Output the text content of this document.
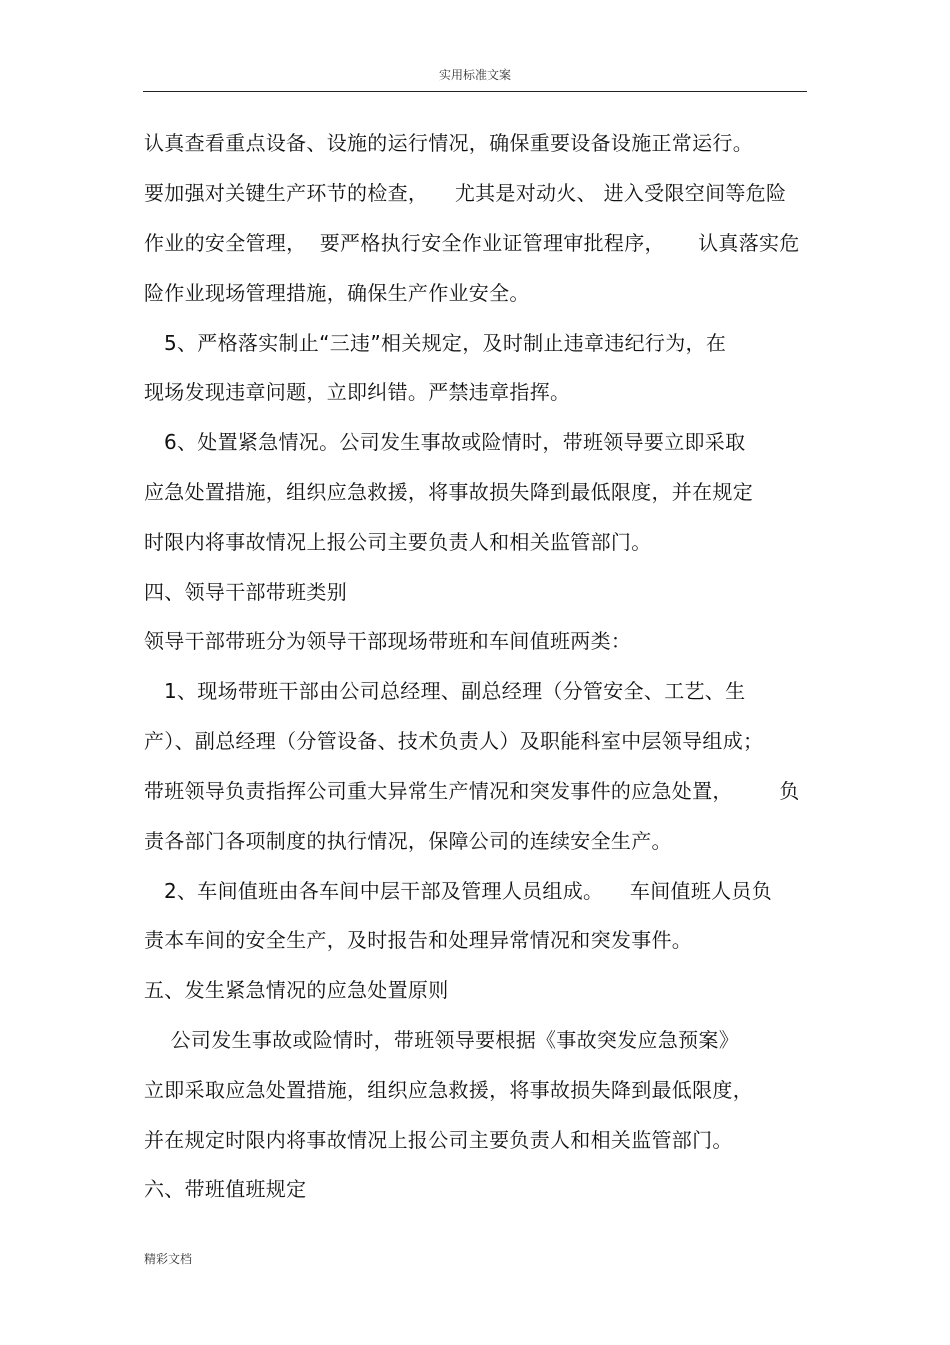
实用标准文案
认真查看重点设备、设施的运行情况，确保重要设备设施正常运行。
要加强对关键生产环节的检查，    尤其是对动火、 进入受限空间等危险
作业的安全管理，  要严格执行安全作业证管理审批程序，     认真落实危
险作业现场管理措施，确保生产作业安全。
5、严格落实制止“三违”相关规定，及时制止违章违纪行为，在
现场发现违章问题，立即纠错。严禁违章指挥。
6、处置紧急情况。公司发生事故或险情时，带班领导要立即采取
应急处置措施，组织应急救援，将事故损失降到最低限度，并在规定
时限内将事故情况上报公司主要负责人和相关监管部门。
四、领导干部带班类别
领导干部带班分为领导干部现场带班和车间值班两类：
1、现场带班干部由公司总经理、副总经理（分管安全、工艺、生
产）、副总经理（分管设备、技术负责人）及职能科室中层领导组成；
带班领导负责指挥公司重大异常生产情况和突发事件的应急处置，       负
责各部门各项制度的执行情况，保障公司的连续安全生产。
2、车间值班由各车间中层干部及管理人员组成。    车间值班人员负
责本车间的安全生产，及时报告和处理异常情况和突发事件。
五、发生紧急情况的应急处置原则
公司发生事故或险情时，带班领导要根据《事故突发应急预案》
立即采取应急处置措施，组织应急救援，将事故损失降到最低限度，
并在规定时限内将事故情况上报公司主要负责人和相关监管部门。
六、带班值班规定
精彩文档
